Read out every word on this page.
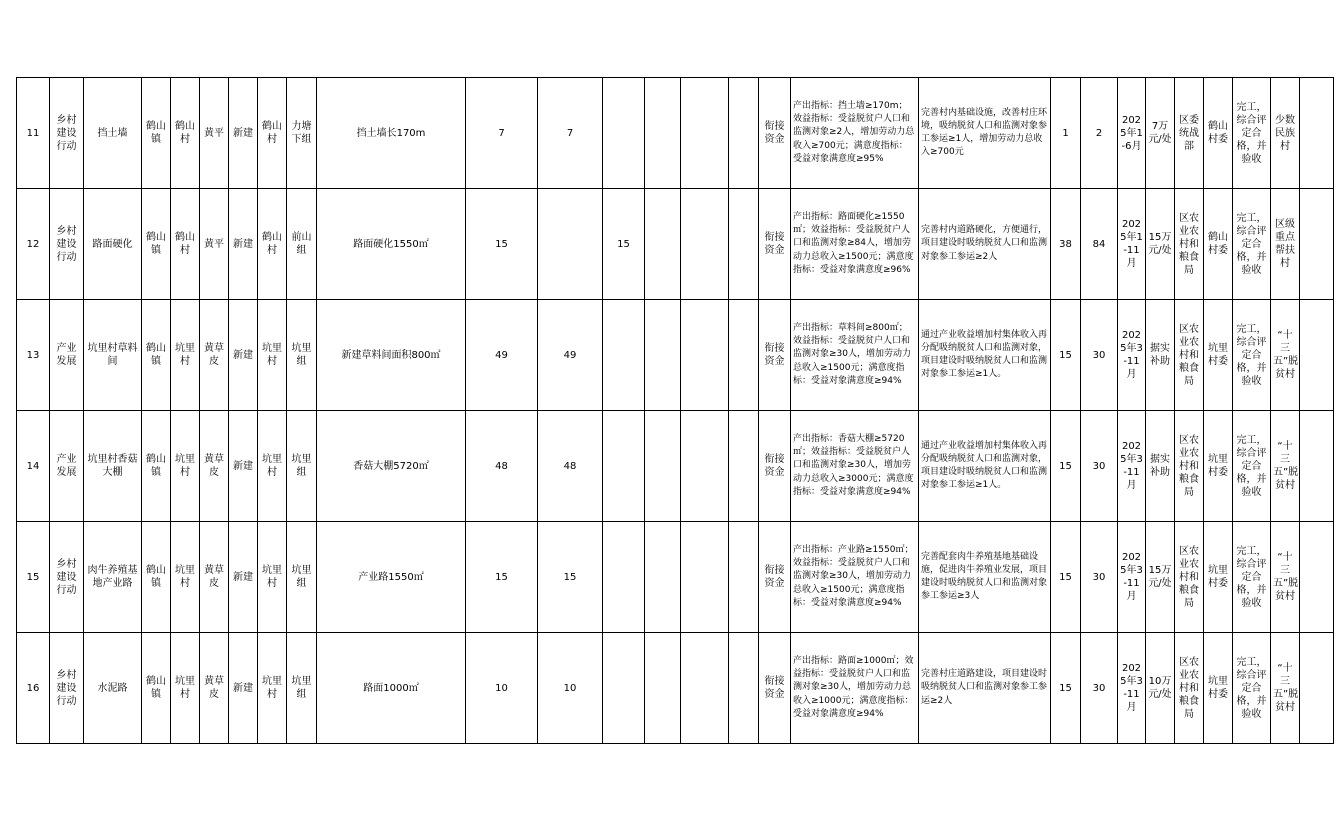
11	乡村建设行动	挡土墙	鹤山镇	鹤山村	黄平	新建	鹤山村	力塘下组	挡土墙长170m	7	7					衔接资金	产出指标：挡土墙≥170m；效益指标：受益脱贫户人口和监测对象≥2人，增加劳动力总收入≥700元；满意度指标：受益对象满意度≥95%	完善村内基础设施，改善村庄环境，吸纳脱贫人口和监测对象参工参运≥1人，增加劳动力总收入≥700元	1	2	2025年1-6月	7万元/处	区委统战部	鹤山村委	完工，综合评定合格，并验收	少数民族村	
12	乡村建设行动	路面硬化	鹤山镇	鹤山村	黄平	新建	鹤山村	前山组	路面硬化1550㎡	15		15				衔接资金	产出指标：路面硬化≥1550㎡；效益指标：受益脱贫户人口和监测对象≥84人，增加劳动力总收入≥1500元；满意度指标：受益对象满意度≥96%	完善村内道路硬化，方便通行，项目建设时吸纳脱贫人口和监测对象参工参运≥2人	38	84	2025年1-11月	15万元/处	区农业农村和粮食局	鹤山村委	完工，综合评定合格，并验收	区级重点帮扶村	
13	产业发展	坑里村草料间	鹤山镇	坑里村	黄草皮	新建	坑里村	坑里组	新建草料间面积800㎡	49	49					衔接资金	产出指标：草料间≥800㎡；效益指标：受益脱贫户人口和监测对象≥30人，增加劳动力总收入≥1500元；满意度指标：受益对象满意度≥94%	通过产业收益增加村集体收入再分配吸纳脱贫人口和监测对象，项目建设时吸纳脱贫人口和监测对象参工参运≥1人。	15	30	2025年3-11月	据实补助	区农业农村和粮食局	坑里村委	完工，综合评定合格，并验收	“十三五”脱贫村	
14	产业发展	坑里村香菇大棚	鹤山镇	坑里村	黄草皮	新建	坑里村	坑里组	香菇大棚5720㎡	48	48					衔接资金	产出指标：香菇大棚≥5720㎡；效益指标：受益脱贫户人口和监测对象≥30人，增加劳动力总收入≥3000元；满意度指标：受益对象满意度≥94%	通过产业收益增加村集体收入再分配吸纳脱贫人口和监测对象，项目建设时吸纳脱贫人口和监测对象参工参运≥1人。	15	30	2025年3-11月	据实补助	区农业农村和粮食局	坑里村委	完工，综合评定合格，并验收	“十三五”脱贫村	
15	乡村建设行动	肉牛养殖基地产业路	鹤山镇	坑里村	黄草皮	新建	坑里村	坑里组	产业路1550㎡	15	15					衔接资金	产出指标：产业路≥1550㎡；效益指标：受益脱贫户人口和监测对象≥30人，增加劳动力总收入≥1500元；满意度指标：受益对象满意度≥94%	完善配套肉牛养殖基地基础设施，促进肉牛养殖业发展，项目建设时吸纳脱贫人口和监测对象参工参运≥3人	15	30	2025年3-11月	15万元/处	区农业农村和粮食局	坑里村委	完工，综合评定合格，并验收	“十三五”脱贫村	
16	乡村建设行动	水泥路	鹤山镇	坑里村	黄草皮	新建	坑里村	坑里组	路面1000㎡	10	10					衔接资金	产出指标：路面≥1000㎡；效益指标：受益脱贫户人口和监测对象≥30人，增加劳动力总收入≥1000元；满意度指标：受益对象满意度≥94%	完善村庄道路建设，项目建设时吸纳脱贫人口和监测对象参工参运≥2人	15	30	2025年3-11月	10万元/处	区农业农村和粮食局	坑里村委	完工，综合评定合格，并验收	“十三五”脱贫村	
